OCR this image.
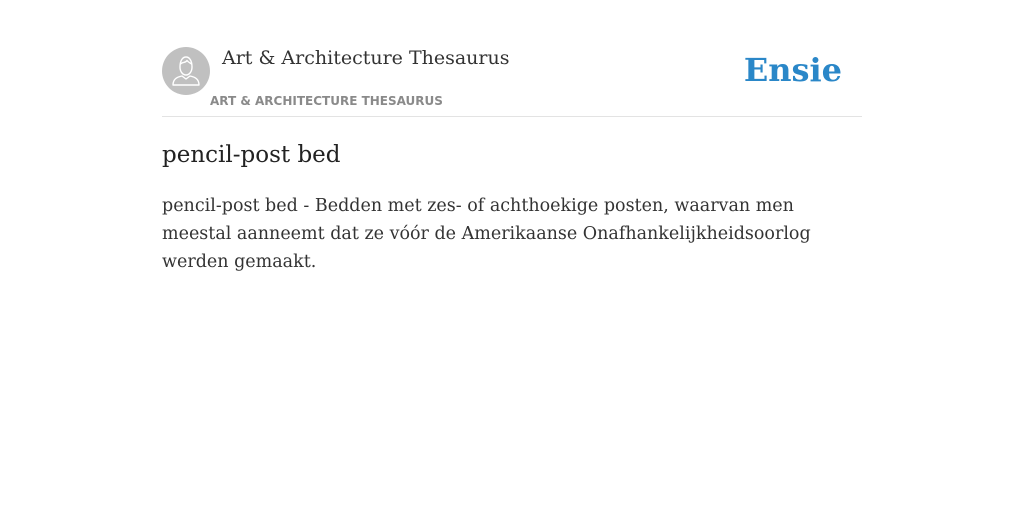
Art & Architecture Thesaurus
ART & ARCHITECTURE THESAURUS
Ensie
pencil-post bed

pencil-post bed - Bedden met zes- of achthoekige posten, waarvan men meestal aanneemt dat ze vóór de Amerikaanse Onafhankelijkheidsoorlog werden gemaakt.
